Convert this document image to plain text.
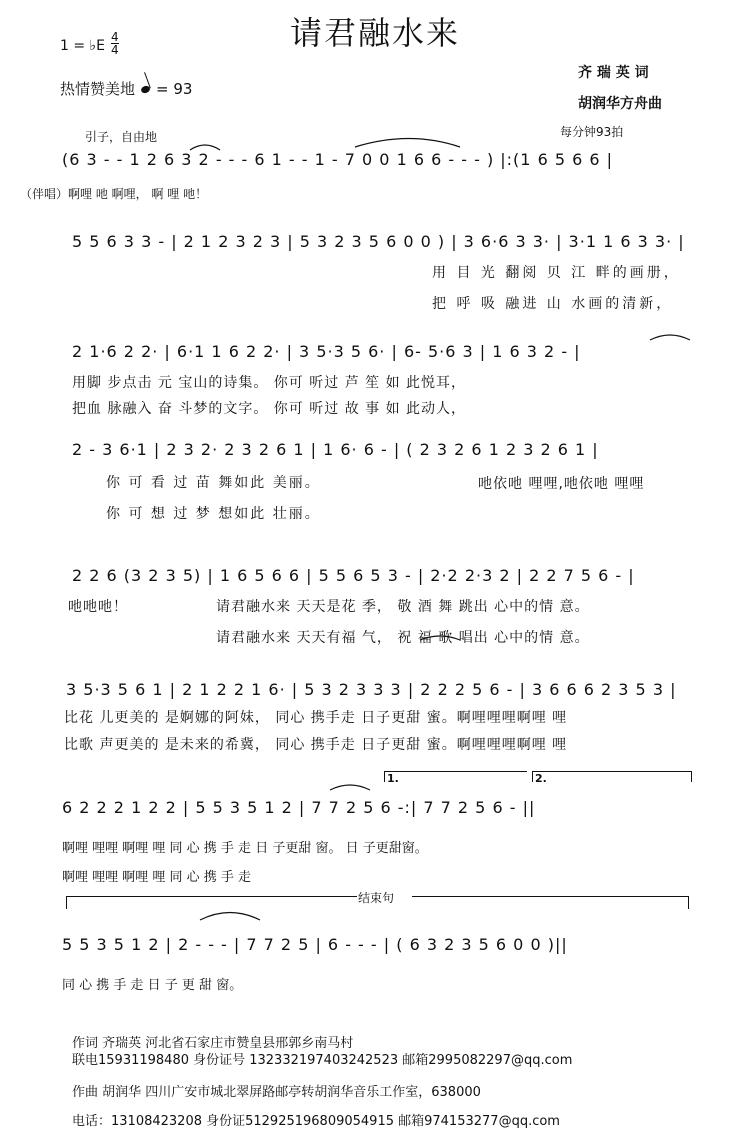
请君融水来
1 = ♭E $\frac{4}{4}$
热情赞美地 = 93
齐 瑞 英 词
胡润华方舟曲
引子，自由地	每分钟93拍
(6 3 - - 1 2 6 3 2 - - - 6 1 - - 1 - 7 0 0 1 6 6 - - - ) |:(1 6 5 6 6 |
（伴唱）啊哩 吔 啊哩， 啊 哩 吔！
5 5 6 3 3 - | 2 1 2 3 2 3 | 5 3 2 3 5 6 0 0 ) | 3 6·6 3 3· | 3·1 1 6 3 3· |
用 目 光 翻阅 贝 江 畔的画册，
把 呼 吸 融进 山 水画的清新，
2 1·6 2 2· | 6·1 1 6 2 2· | 3 5·3 5 6· | 6- 5·6 3 | 1 6 3 2 - |
用脚 步点击 元 宝山的诗集。 你可 听过 芦 笙 如 此悦耳，
把血 脉融入 奋 斗梦的文字。 你可 听过 故 事 如 此动人，
2 - 3 6·1 | 2 3 2· 2 3 2 6 1 | 1 6· 6 - | ( 2 3 2 6 1 2 3 2 6 1 |
你 可 看 过 苗 舞如此 美丽。
你 可 想 过 梦 想如此 壮丽。
吔依吔 哩哩,吔依吔 哩哩
2 2 6 (3 2 3 5) | 1 6 5 6 6 | 5 5 6 5 3 - | 2·2 2·3 2 | 2 2 7 5 6 - |
吔吔吔！	请君融水来 天天是花 季， 敬 酒 舞 跳出 心中的情 意。
请君融水来 天天有福 气， 祝 福 歌 唱出 心中的情 意。
3 5·3 5 6 1 | 2 1 2 2 1 6· | 5 3 2 3 3 3 | 2 2 2 5 6 - | 3 6 6 6 2 3 5 3 |
比花 儿更美的 是婀娜的阿妹， 同心 携手走 日子更甜 蜜。啊哩哩哩啊哩 哩
比歌 声更美的 是未来的希冀， 同心 携手走 日子更甜 蜜。啊哩哩哩啊哩 哩
1.	2.
6 2 2 2 1 2 2 | 5 5 3 5 1 2 | 7 7 2 5 6 -:| 7 7 2 5 6 - ||
啊哩 哩哩 啊哩 哩 同 心 携 手 走 日 子更甜 窗。 日 子更甜窗。
啊哩 哩哩 啊哩 哩 同 心 携 手 走
结束句
5 5 3 5 1 2 | 2 - - - | 7 7 2 5 | 6 - - - | ( 6 3 2 3 5 6 0 0 )||
同 心 携 手 走 日 子 更 甜 窗。
作词 齐瑞英 河北省石家庄市赞皇县邢郭乡南马村
联电15931198480 身份证号 132332197403242523 邮箱2995082297@qq.com
作曲 胡润华 四川广安市城北翠屏路邮亭转胡润华音乐工作室，638000
电话：13108423208 身份证512925196809054915 邮箱974153277@qq.com
